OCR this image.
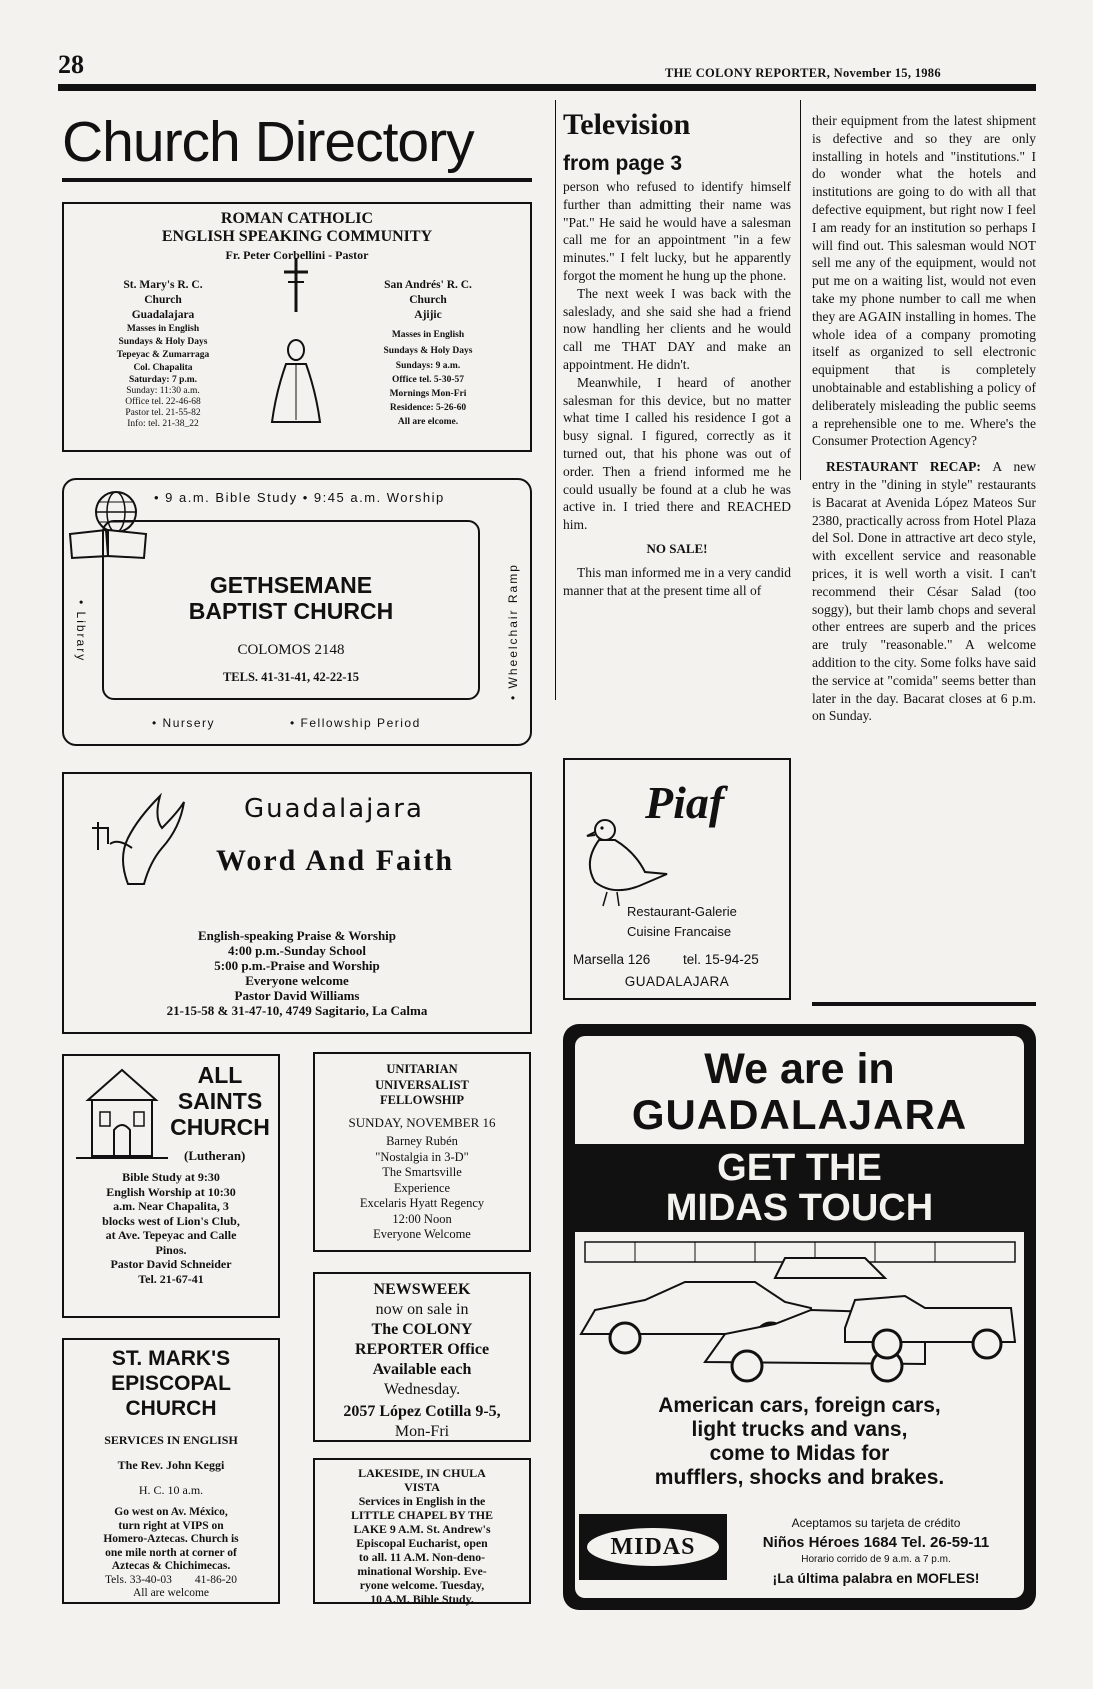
28	THE COLONY REPORTER, November 15, 1986
Church Directory
ROMAN CATHOLIC
ENGLISH SPEAKING COMMUNITY
Fr. Peter Corbellini - Pastor
St. Mary's R. C.
Church
Guadalajara
Masses in English
Sundays & Holy Days
Tepeyac & Zumarraga
Col. Chapalita
Saturday: 7 p.m.
Sunday: 11:30 a.m.
Office tel. 22-46-68
Pastor tel. 21-55-82
Info: tel. 21-38_22
San Andrés' R. C.
Church
Ajijic
Masses in English
Sundays & Holy Days
Sundays: 9 a.m.
Office tel. 5-30-57
Mornings Mon-Fri
Residence: 5-26-60
All are elcome.
• 9 a.m. Bible Study • 9:45 a.m. Worship
GETHSEMANE
BAPTIST CHURCH
COLOMOS 2148
TELS. 41-31-41, 42-22-15
• Library	• Wheelchair Ramp
• Nursery	• Fellowship Period
Guadalajara
Word And Faith
English-speaking Praise & Worship
4:00 p.m.-Sunday School
5:00 p.m.-Praise and Worship
Everyone welcome
Pastor David Williams
21-15-58 & 31-47-10, 4749 Sagitario, La Calma
ALL
SAINTS
CHURCH
(Lutheran)
Bible Study at 9:30
English Worship at 10:30
a.m. Near Chapalita, 3
blocks west of Lion's Club,
at Ave. Tepeyac and Calle
Pinos.
Pastor David Schneider
Tel. 21-67-41
UNITARIAN
UNIVERSALIST
FELLOWSHIP
SUNDAY, NOVEMBER 16
Barney Rubén
"Nostalgia in 3-D"
The Smartsville
Experience
Excelaris Hyatt Regency
12:00 Noon
Everyone Welcome
NEWSWEEK
now on sale in
The COLONY
REPORTER Office
Available each
Wednesday.
2057 López Cotilla 9-5,
Mon-Fri
ST. MARK'S
EPISCOPAL
CHURCH
SERVICES IN ENGLISH
The Rev. John Keggi
H. C. 10 a.m.
Go west on Av. México,
turn right at VIPS on
Homero-Aztecas. Church is
one mile north at corner of
Aztecas & Chichimecas.
Tels. 33-40-03        41-86-20
All are welcome
LAKESIDE, IN CHULA
VISTA
Services in English in the
LITTLE CHAPEL BY THE
LAKE 9 A.M. St. Andrew's
Episcopal Eucharist, open
to all. 11 A.M. Non-deno-
minational Worship. Eve-
ryone welcome. Tuesday,
10 A.M. Bible Study.
Television
from page 3

person who refused to identify himself further than admitting their name was "Pat." He said he would have a salesman call me for an appointment "in a few minutes." I felt lucky, but he apparently forgot the moment he hung up the phone.

The next week I was back with the saleslady, and she said she had a friend now handling her clients and he would call me THAT DAY and make an appointment. He didn't.

Meanwhile, I heard of another salesman for this device, but no matter what time I called his residence I got a busy signal. I figured, correctly as it turned out, that his phone was out of order. Then a friend informed me he could usually be found at a club he was active in. I tried there and REACHED him.

NO SALE!

This man informed me in a very candid manner that at the present time all of

their equipment from the latest shipment is defective and so they are only installing in hotels and "institutions." I do wonder what the hotels and institutions are going to do with all that defective equipment, but right now I feel I am ready for an institution so perhaps I will find out. This salesman would NOT sell me any of the equipment, would not put me on a waiting list, would not even take my phone number to call me when they are AGAIN installing in homes. The whole idea of a company promoting itself as organized to sell electronic equipment that is completely unobtainable and establishing a policy of deliberately misleading the public seems a reprehensible one to me. Where's the Consumer Protection Agency?

RESTAURANT RECAP: A new entry in the "dining in style" restaurants is Bacarat at Avenida López Mateos Sur 2380, practically across from Hotel Plaza del Sol. Done in attractive art deco style, with excellent service and reasonable prices, it is well worth a visit. I can't recommend their César Salad (too soggy), but their lamb chops and several other entrees are superb and the prices are truly "reasonable." A welcome addition to the city. Some folks have said the service at "comida" seems better than later in the day. Bacarat closes at 6 p.m. on Sunday.

Piaf
Restaurant-Galerie
Cuisine Francaise
Marsella 126 tel. 15-94-25
GUADALAJARA
We are in
GUADALAJARA
GET THE
MIDAS TOUCH
American cars, foreign cars,
light trucks and vans,
come to Midas for
mufflers, shocks and brakes.
MIDAS
Aceptamos su tarjeta de crédito
Niños Héroes 1684 Tel. 26-59-11
Horario corrido de 9 a.m. a 7 p.m.
¡La última palabra en MOFLES!
